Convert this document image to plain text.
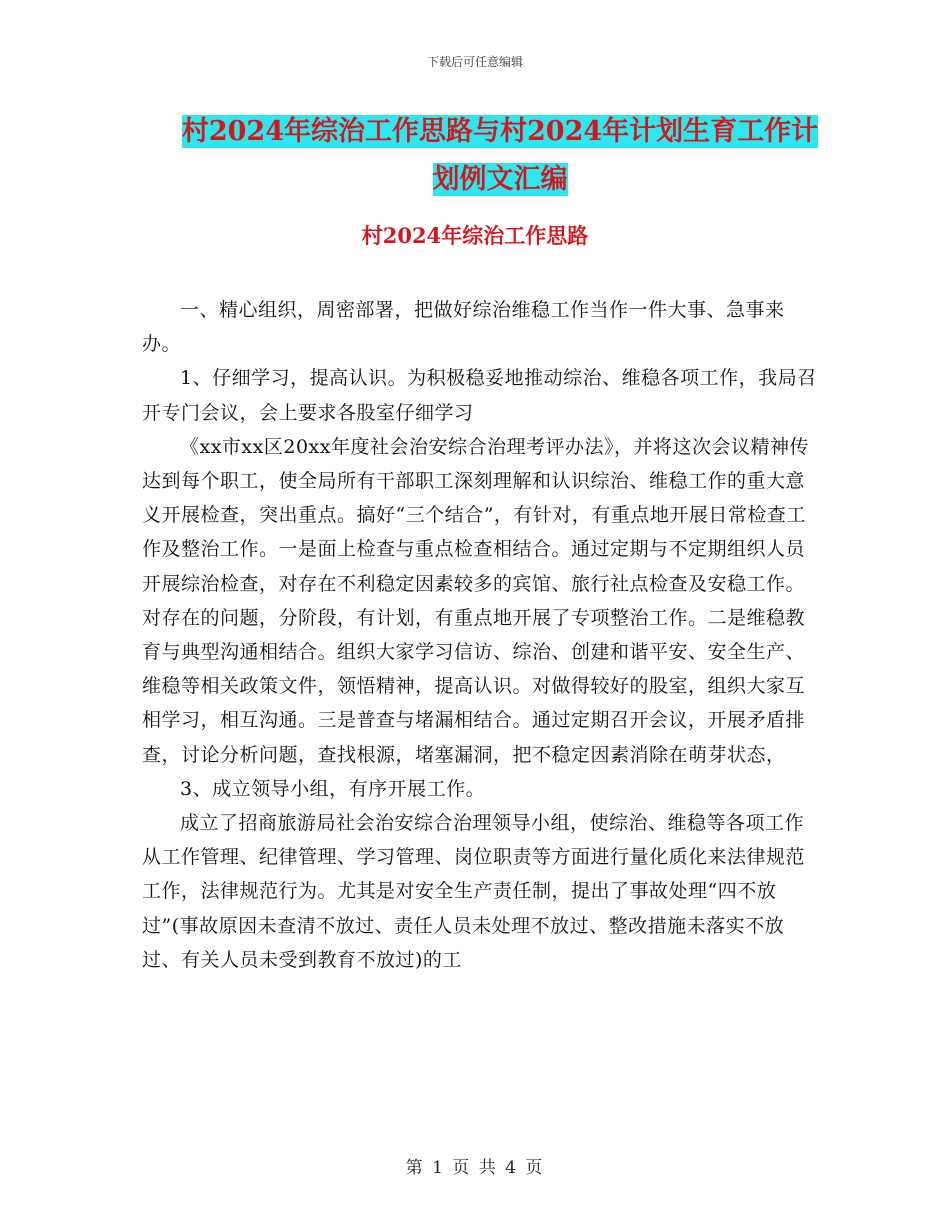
下载后可任意编辑
村2024年综治工作思路与村2024年计划生育工作计
划例文汇编
村2024年综治工作思路

一、精心组织，周密部署，把做好综治维稳工作当作一件大事、急事来办。

1、仔细学习，提高认识。为积极稳妥地推动综治、维稳各项工作，我局召开专门会议，会上要求各股室仔细学习

《xx市xx区20xx年度社会治安综合治理考评办法》，并将这次会议精神传达到每个职工，使全局所有干部职工深刻理解和认识综治、维稳工作的重大意义开展检查，突出重点。搞好“三个结合”，有针对，有重点地开展日常检查工作及整治工作。一是面上检查与重点检查相结合。通过定期与不定期组织人员开展综治检查，对存在不利稳定因素较多的宾馆、旅行社点检查及安稳工作。对存在的问题，分阶段，有计划，有重点地开展了专项整治工作。二是维稳教育与典型沟通相结合。组织大家学习信访、综治、创建和谐平安、安全生产、维稳等相关政策文件，领悟精神，提高认识。对做得较好的股室，组织大家互相学习，相互沟通。三是普查与堵漏相结合。通过定期召开会议，开展矛盾排查，讨论分析问题，查找根源，堵塞漏洞，把不稳定因素消除在萌芽状态，

3、成立领导小组，有序开展工作。

成立了招商旅游局社会治安综合治理领导小组，使综治、维稳等各项工作从工作管理、纪律管理、学习管理、岗位职责等方面进行量化质化来法律规范工作，法律规范行为。尤其是对安全生产责任制，提出了事故处理“四不放过”(事故原因未查清不放过、责任人员未处理不放过、整改措施未落实不放过、有关人员未受到教育不放过)的工

第 1 页 共 4 页
